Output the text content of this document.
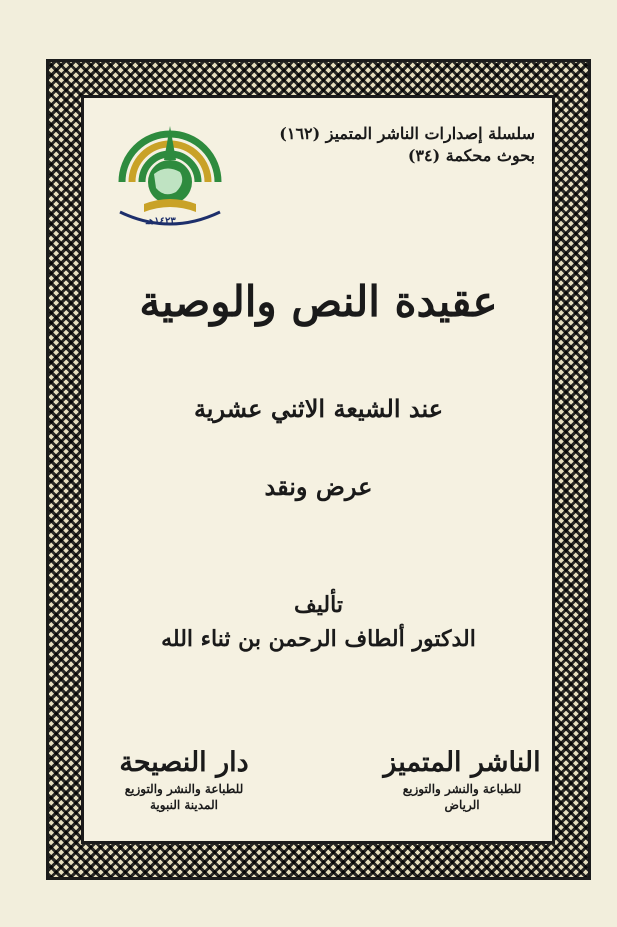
سلسلة إصدارات الناشر المتميز (١٦٢)
بحوث محكمة (٣٤)
١٤٢٣هـ
عقيدة النص والوصية
عند الشيعة الاثني عشرية
عرض ونقد
تأليف
الدكتور ألطاف الرحمن بن ثناء الله
دار النصيحة
للطباعة والنشر والتوزيع
المدينة النبوية
الناشر المتميز
للطباعة والنشر والتوزيع
الرياض
